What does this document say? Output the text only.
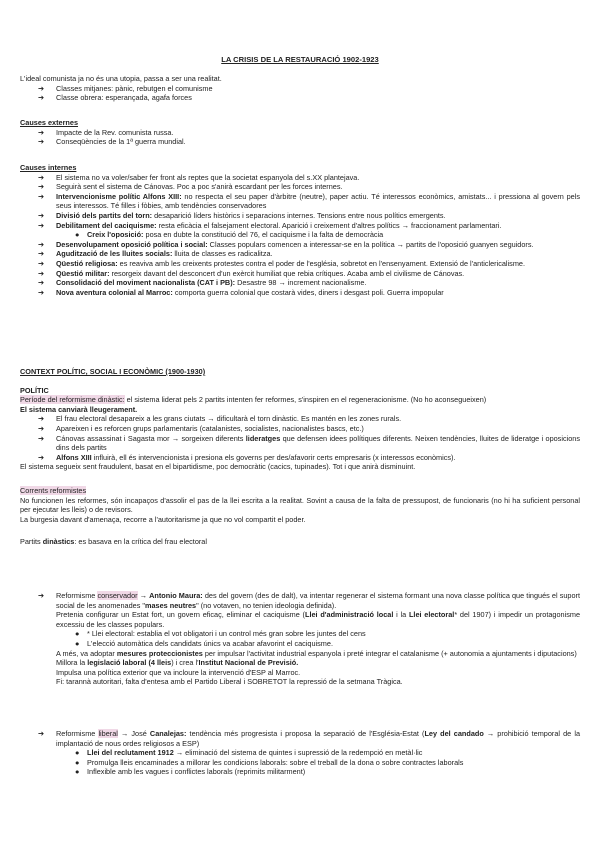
LA CRISIS DE LA RESTAURACIÓ 1902-1923
L'ideal comunista ja no és una utopia, passa a ser una realitat.
➔ Classes mitjanes: pànic, rebutgen el comunisme
➔ Classe obrera: esperançada, agafa forces
Causes externes
➔ Impacte de la Rev. comunista russa.
➔ Conseqüències de la 1ª guerra mundial.
Causes internes
➔ El sistema no va voler/saber fer front als reptes que la societat espanyola del s.XX plantejava.
➔ Seguirà sent el sistema de Cánovas. Poc a poc s'anirà escardant per les forces internes.
➔ Intervencionisme polític Alfons XIII: no respecta el seu paper d'àrbitre (neutre), paper actiu. Té interessos econòmics, amistats... i pressiona al govern pels seus interessos. Té filles i fòbies, amb tendències conservadores
➔ Divisió dels partits del torn: desaparició líders històrics i separacions internes. Tensions entre nous polítics emergents.
➔ Debilitament del caciquisme: resta eficàcia el falsejament electoral. Aparició i creixement d'altres polítics → fraccionament parlamentari.
● Creix l'oposició: posa en dubte la constitució del 76, el caciquisme i la falta de democràcia
➔ Desenvolupament oposició política i social: Classes populars comencen a interessar-se en la política → partits de l'oposició guanyen seguidors.
➔ Agudització de les lluites socials: lluita de classes es radicalitza.
➔ Qüestió religiosa: es reaviva amb les creixents protestes contra el poder de l'església, sobretot en l'ensenyament. Extensió de l'anticlericalisme.
➔ Qüestió militar: resorgeix davant del desconcert d'un exèrcit humiliat que rebia crítiques. Acaba amb el civilisme de Cánovas.
➔ Consolidació del moviment nacionalista (CAT i PB): Desastre 98 → increment nacionalisme.
➔ Nova aventura colonial al Marroc: comporta guerra colonial que costarà vides, diners i desgast poli. Guerra impopular
CONTEXT POLÍTIC, SOCIAL I ECONÒMIC (1900-1930)
POLÍTIC
Període del reformisme dinàstic: el sistema liderat pels 2 partits intenten fer reformes, s'inspiren en el regeneracionisme. (No ho aconsegueixen)
El sistema canviarà lleugerament.
➔ El frau electoral desapareix a les grans ciutats → dificultarà el torn dinàstic. Es mantén en les zones rurals.
➔ Apareixen i es reforcen grups parlamentaris (catalanistes, socialistes, nacionalistes bascs, etc.)
➔ Cánovas assassinat i Sagasta mor → sorgeixen diferents lideratges que defensen idees polítiques diferents. Neixen tendències, lluites de lideratge i oposicions dins dels partits
➔ Alfons XIII influirà, ell és intervencionista i presiona els governs per des/afavorir certs empresaris (x interessos econòmics).
El sistema segueix sent fraudulent, basat en el bipartidisme, poc democràtic (cacics, tupinades). Tot i que anirà disminuint.
Corrents reformistes
No funcionen les reformes, són incapaços d'assolir el pas de la llei escrita a la realitat. Sovint a causa de la falta de pressupost, de funcionaris (no hi ha suficient personal per ejecutar les lleis) o de revisors.
La burgesia davant d'amenaça, recorre a l'autoritarisme ja que no vol compartit el poder.
Partits dinàstics: es basava en la crítica del frau electoral
➔ Reformisme conservador → Antonio Maura: des del govern (des de dalt), va intentar regenerar el sistema formant una nova classe política que tingués el suport social de les anomenades "mases neutres" (no votaven, no tenien ideologia definida).
Pretenia configurar un Estat fort, un govern eficaç, eliminar el caciquisme (Llei d'administració local i la Llei electoral* del 1907) i impedir un protagonisme excessiu de les classes populars.
● * Llei electoral: establia el vot obligatori i un control més gran sobre les juntes del cens
● L'elecció automàtica dels candidats únics va acabar afavorint el caciquisme.
A més, va adoptar mesures proteccionistes per impulsar l'activitat industrial espanyola i preté integrar el catalanisme (+ autonomia a ajuntaments i diputacions)
Millora la legislació laboral (4 lleis) i crea l'Institut Nacional de Previsió.
Impulsa una política exterior que va incloure la intervenció d'ESP al Marroc.
Fi: tarannà autoritari, falta d'entesa amb el Partido Liberal i SOBRETOT la repressió de la setmana Tràgica.
➔ Reformisme liberal → José Canalejas: tendència més progresista i proposa la separació de l'Església-Estat (Ley del candado → prohibició temporal de la implantació de nous ordes religiosos a ESP)
● Llei del reclutament 1912 → eliminació del sistema de quintes i supressió de la redempció en metàl·lic
● Promulga lleis encaminades a millorar les condicions laborals: sobre el treball de la dona o sobre contractes laborals
● Inflexible amb les vagues i conflictes laborals (reprimits militarment)
